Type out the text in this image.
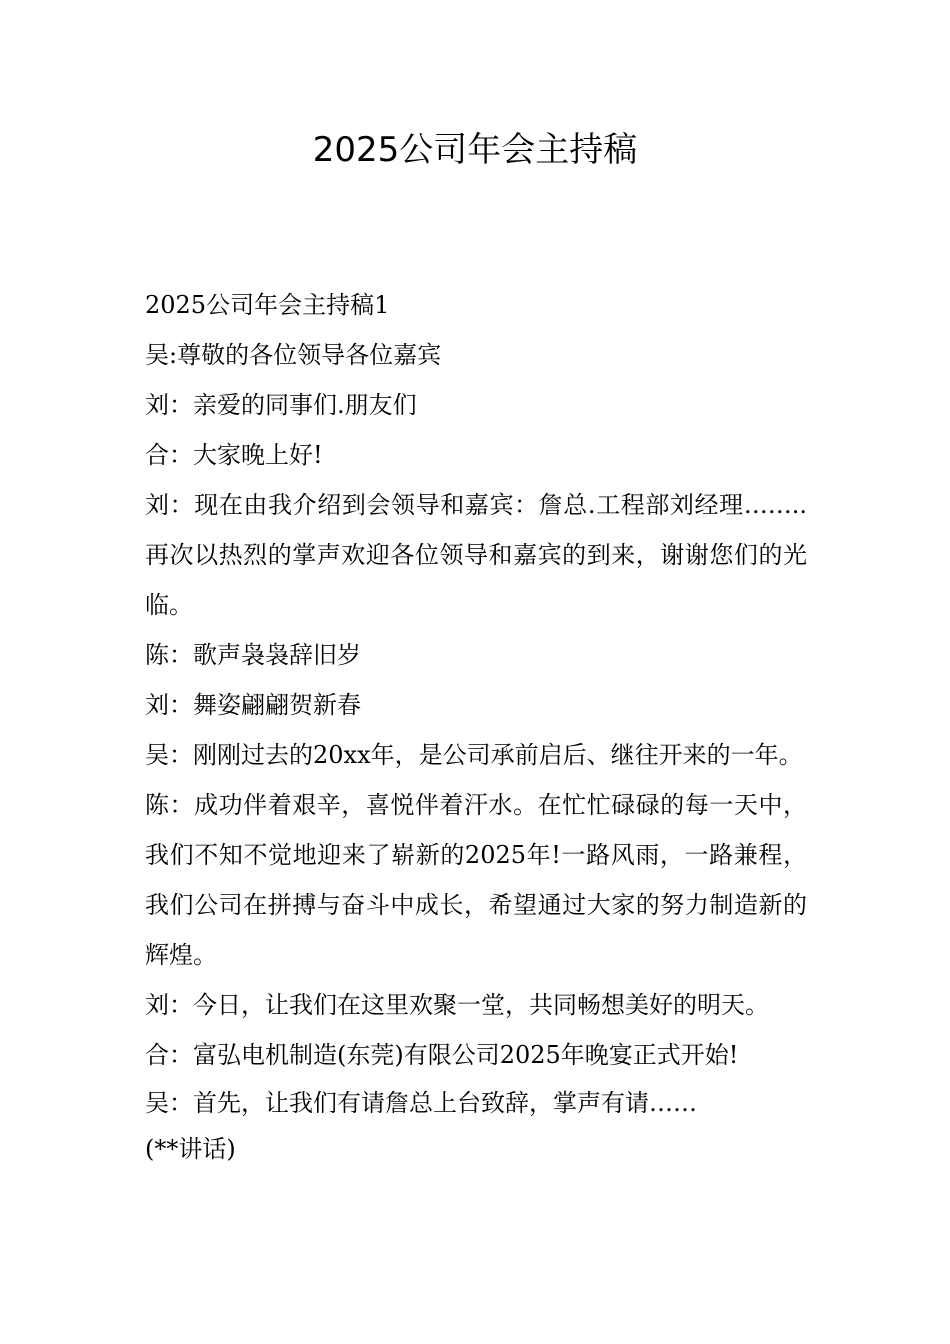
2025公司年会主持稿

2025公司年会主持稿1

吴:尊敬的各位领导各位嘉宾

刘：亲爱的同事们.朋友们

合：大家晚上好!

刘：现在由我介绍到会领导和嘉宾：詹总.工程部刘经理……..再次以热烈的掌声欢迎各位领导和嘉宾的到来，谢谢您们的光临。

陈：歌声袅袅辞旧岁

刘：舞姿翩翩贺新春

吴：刚刚过去的20xx年，是公司承前启后、继往开来的一年。

陈：成功伴着艰辛，喜悦伴着汗水。在忙忙碌碌的每一天中，我们不知不觉地迎来了崭新的2025年!一路风雨，一路兼程，我们公司在拼搏与奋斗中成长，希望通过大家的努力制造新的辉煌。

刘：今日，让我们在这里欢聚一堂，共同畅想美好的明天。

合：富弘电机制造(东莞)有限公司2025年晚宴正式开始!

吴：首先，让我们有请詹总上台致辞，掌声有请……

(**讲话)
